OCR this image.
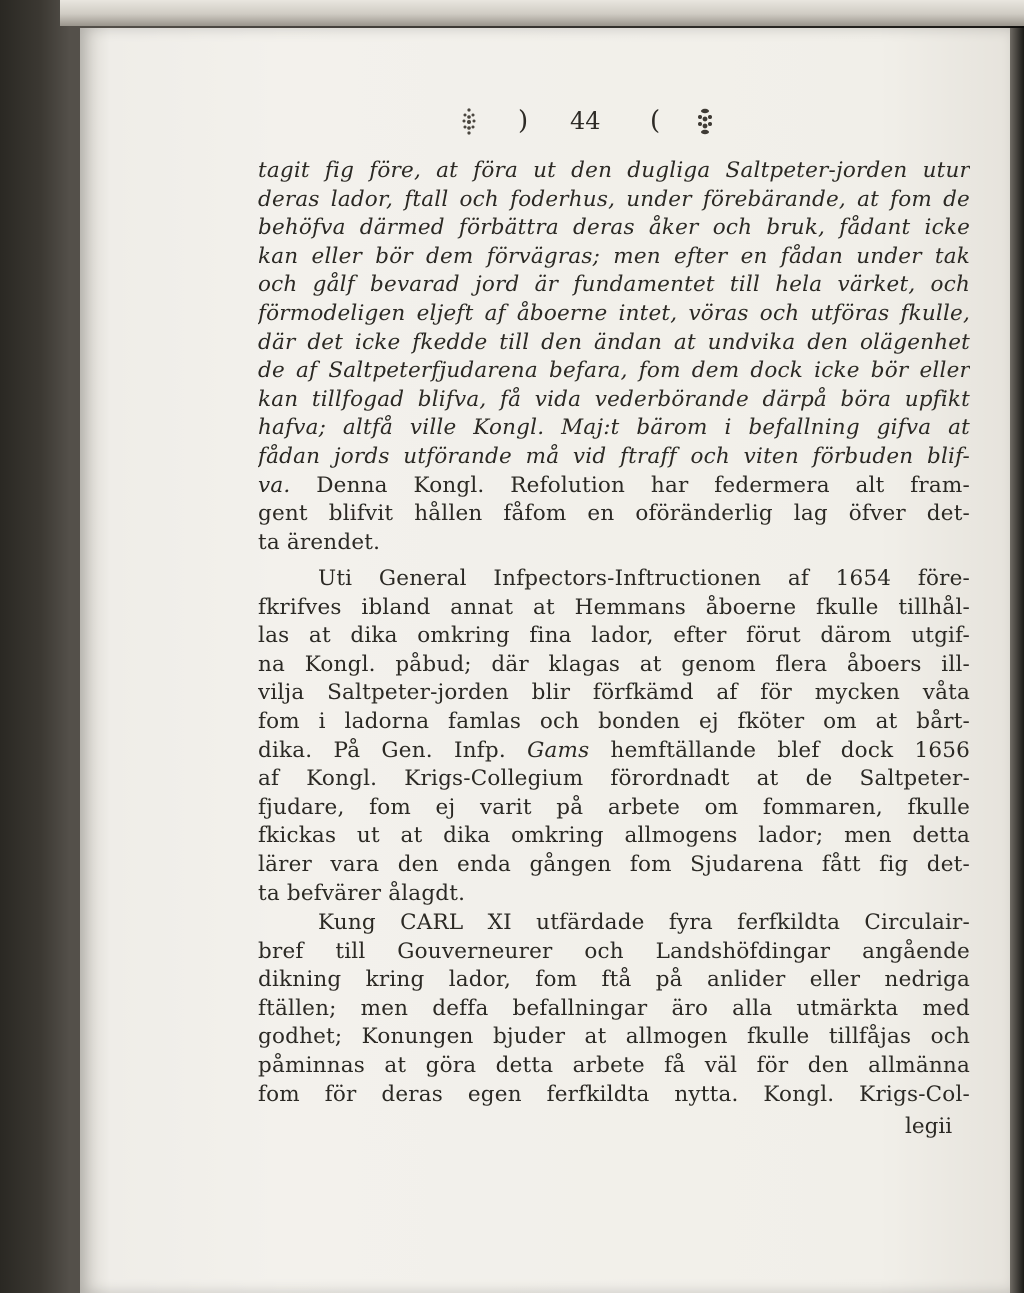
) 44 (
tagit fig före, at föra ut den dugliga Saltpeter-jorden utur
deras lador, ftall och foderhus, under förebärande, at fom de
behöfva därmed förbättra deras åker och bruk, fådant icke
kan eller bör dem förvägras; men efter en fådan under tak
och gålf bevarad jord är fundamentet till hela värket, och
förmodeligen eljeft af åboerne intet, vöras och utföras fkulle,
där det icke fkedde till den ändan at undvika den olägenhet
de af Saltpeterfjudarena befara, fom dem dock icke bör eller
kan tillfogad blifva, få vida vederbörande därpå böra upfikt
hafva; altfå ville Kongl. Maj:t bärom i befallning gifva at
fådan jords utförande må vid ftraff och viten förbuden blif-
va. Denna Kongl. Refolution har federmera alt fram-
gent blifvit hållen fåfom en oföränderlig lag öfver det-
ta ärendet.
Uti General Infpectors-Inftructionen af 1654 före-
fkrifves ibland annat at Hemmans åboerne fkulle tillhål-
las at dika omkring fina lador, efter förut därom utgif-
na Kongl. påbud; där klagas at genom flera åboers ill-
vilja Saltpeter-jorden blir förfkämd af för mycken våta
fom i ladorna famlas och bonden ej fköter om at bårt-
dika. På Gen. Infp. Gams hemftällande blef dock 1656
af Kongl. Krigs-Collegium förordnadt at de Saltpeter-
fjudare, fom ej varit på arbete om fommaren, fkulle
fkickas ut at dika omkring allmogens lador; men detta
lärer vara den enda gången fom Sjudarena fått fig det-
ta befvärer ålagdt.
Kung CARL XI utfärdade fyra ferfkildta Circulair-
bref till Gouverneurer och Landshöfdingar angående
dikning kring lador, fom ftå på anlider eller nedriga
ftällen; men deffa befallningar äro alla utmärkta med
godhet; Konungen bjuder at allmogen fkulle tillfåjas och
påminnas at göra detta arbete få väl för den allmänna
fom för deras egen ferfkildta nytta. Kongl. Krigs-Col-
legii
